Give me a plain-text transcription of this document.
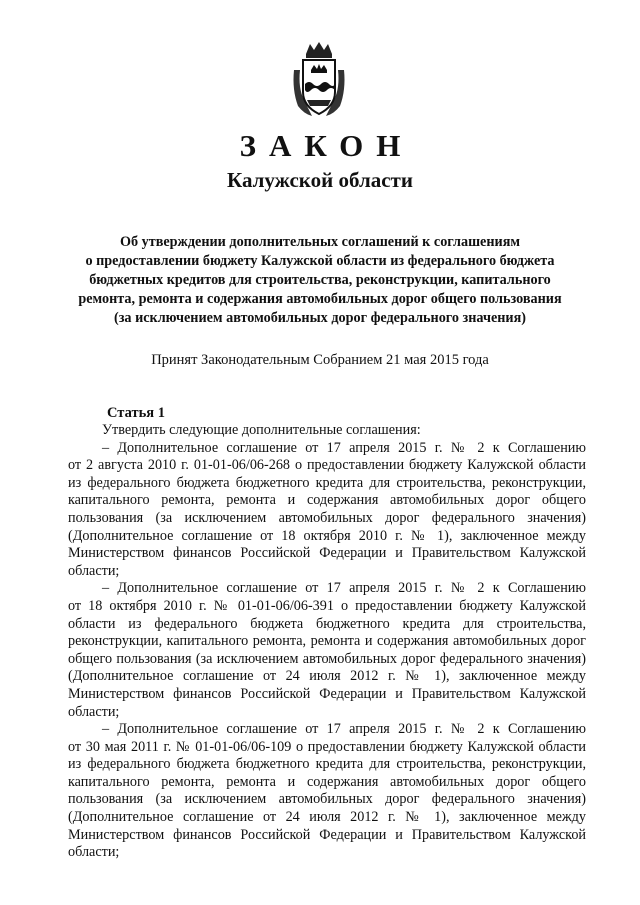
ЗАКОН
Калужской области
Об утверждении дополнительных соглашений к соглашениям
о предоставлении бюджету Калужской области из федерального бюджета
бюджетных кредитов для строительства, реконструкции, капитального
ремонта, ремонта и содержания автомобильных дорог общего пользования
(за исключением автомобильных дорог федерального значения)
Принят Законодательным Собранием 21 мая 2015 года
Статья 1
Утвердить следующие дополнительные соглашения:
– Дополнительное соглашение от 17 апреля 2015 г. № 2 к Соглашению
от 2 августа 2010 г. 01-01-06/06-268 о предоставлении бюджету Калужской области
из федерального бюджета бюджетного кредита для строительства, реконструкции,
капитального ремонта, ремонта и содержания автомобильных дорог общего
пользования (за исключением автомобильных дорог федерального значения)
(Дополнительное соглашение от 18 октября 2010 г. № 1), заключенное между
Министерством финансов Российской Федерации и Правительством Калужской
области;
– Дополнительное соглашение от 17 апреля 2015 г. № 2 к Соглашению
от 18 октября 2010 г. № 01-01-06/06-391 о предоставлении бюджету Калужской
области из федерального бюджета бюджетного кредита для строительства,
реконструкции, капитального ремонта, ремонта и содержания автомобильных дорог
общего пользования (за исключением автомобильных дорог федерального значения)
(Дополнительное соглашение от 24 июля 2012 г. № 1), заключенное между
Министерством финансов Российской Федерации и Правительством Калужской
области;
– Дополнительное соглашение от 17 апреля 2015 г. № 2 к Соглашению
от 30 мая 2011 г. № 01-01-06/06-109 о предоставлении бюджету Калужской области
из федерального бюджета бюджетного кредита для строительства, реконструкции,
капитального ремонта, ремонта и содержания автомобильных дорог общего
пользования (за исключением автомобильных дорог федерального значения)
(Дополнительное соглашение от 24 июля 2012 г. № 1), заключенное между
Министерством финансов Российской Федерации и Правительством Калужской
области;
